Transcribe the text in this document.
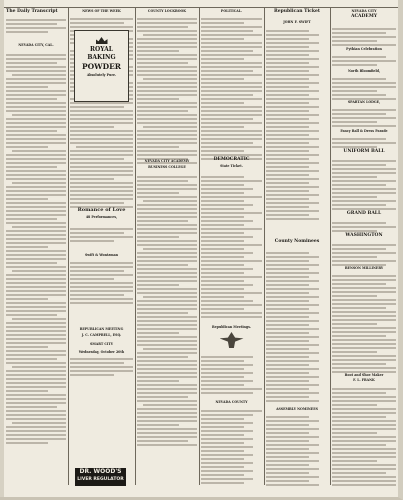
The Daily Transcript
NEVADA CITY, CAL.
NEWS OF THE WEEK
Romance of Love
48 Performances,
Swift & Wontzman
REPUBLICAN MEETING
J. C. CAMPBELL, ESQ.
SMART CITY
Wednesday, October 20th
DR. WOOD'S
LIVER REGULATOR
ROYAL
BAKING
POWDER
Absolutely Pure.
COUNTY LOCKBOOK
NEVADA CITY ACADEMY
BUSINESS COLLEGE
POLITICAL.
DEMOCRATIC
State Ticket.
Republican Meetings.
NEVADA COUNTY
Republican Ticket
JOHN F. SWIFT
County Nominees
ASSEMBLY NOMINEES
NEVADA CITY
ACADEMY
Pythian Celebration
North Bloomfield,
SPARTAN LODGE,
Fancy Ball & Dress Parade
UNIFORM BALL
GRAND BALL
WASHINGTON
BENSON MILLINERY
Boot and Shoe Maker
F. L. FRANK
